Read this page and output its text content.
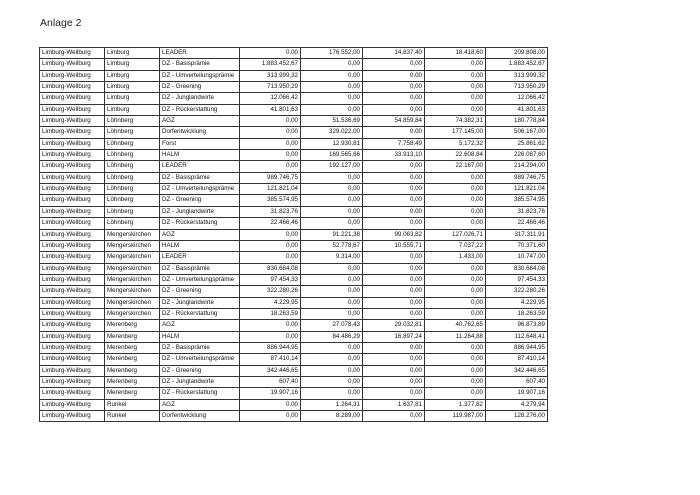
Anlage 2
Limburg-Weilburg	Limburg	LEADER	0,00	176.552,00	14.837,40	18.418,60	209.808,00
Limburg-Weilburg	Limburg	DZ - Basisprämie	1.883.452,67	0,00	0,00	0,00	1.883.452,67
Limburg-Weilburg	Limburg	DZ - Umverteilungsprämie	313.999,32	0,00	0,00	0,00	313.999,32
Limburg-Weilburg	Limburg	DZ - Greening	713.950,29	0,00	0,00	0,00	713.950,29
Limburg-Weilburg	Limburg	DZ - Junglandwirte	12.066,42	0,00	0,00	0,00	12.066,42
Limburg-Weilburg	Limburg	DZ - Rückerstattung	41.801,63	0,00	0,00	0,00	41.801,63
Limburg-Weilburg	Löhnberg	AGZ	0,00	51.536,69	54.859,84	74.382,31	180.778,84
Limburg-Weilburg	Löhnberg	Dorfentwicklung	0,00	329.022,00	0,00	177.145,00	506.167,00
Limburg-Weilburg	Löhnberg	Forst	0,00	12.930,81	7.758,49	5.172,32	25.861,62
Limburg-Weilburg	Löhnberg	HALM	0,00	169.565,66	33.913,10	22.608,84	226.087,60
Limburg-Weilburg	Löhnberg	LEADER	0,00	192.127,00	0,00	22.167,00	214.294,00
Limburg-Weilburg	Löhnberg	DZ - Basisprämie	989.746,75	0,00	0,00	0,00	989.746,75
Limburg-Weilburg	Löhnberg	DZ - Umverteilungsprämie	121.821,04	0,00	0,00	0,00	121.821,04
Limburg-Weilburg	Löhnberg	DZ - Greening	385.574,95	0,00	0,00	0,00	385.574,95
Limburg-Weilburg	Löhnberg	DZ - Junglandwirte	31.823,76	0,00	0,00	0,00	31.823,76
Limburg-Weilburg	Löhnberg	DZ - Rückerstattung	22.466,46	0,00	0,00	0,00	22.466,46
Limburg-Weilburg	Mengerskirchen	AGZ	0,00	91.221,38	99.063,82	127.026,71	317.311,91
Limburg-Weilburg	Mengerskirchen	HALM	0,00	52.778,67	10.555,71	7.037,22	70.371,60
Limburg-Weilburg	Mengerskirchen	LEADER	0,00	9.314,00	0,00	1.433,00	10.747,00
Limburg-Weilburg	Mengerskirchen	DZ - Basisprämie	830.684,08	0,00	0,00	0,00	830.684,08
Limburg-Weilburg	Mengerskirchen	DZ - Umverteilungsprämie	97.454,33	0,00	0,00	0,00	97.454,33
Limburg-Weilburg	Mengerskirchen	DZ - Greening	322.280,26	0,00	0,00	0,00	322.280,26
Limburg-Weilburg	Mengerskirchen	DZ - Junglandwirte	4.229,95	0,00	0,00	0,00	4.229,95
Limburg-Weilburg	Mengerskirchen	DZ - Rückerstattung	18.263,59	0,00	0,00	0,00	18.263,59
Limburg-Weilburg	Merenberg	AGZ	0,00	27.078,43	29.032,81	40.762,65	96.873,89
Limburg-Weilburg	Merenberg	HALM	0,00	84.486,29	16.897,24	11.264,88	112.648,41
Limburg-Weilburg	Merenberg	DZ - Basisprämie	886.944,95	0,00	0,00	0,00	886.944,95
Limburg-Weilburg	Merenberg	DZ - Umverteilungsprämie	87.410,14	0,00	0,00	0,00	87.410,14
Limburg-Weilburg	Merenberg	DZ - Greening	342.446,65	0,00	0,00	0,00	342.446,65
Limburg-Weilburg	Merenberg	DZ - Junglandwirte	607,40	0,00	0,00	0,00	607,40
Limburg-Weilburg	Merenberg	DZ - Rückerstattung	19.907,16	0,00	0,00	0,00	19.907,16
Limburg-Weilburg	Runkel	AGZ	0,00	1.264,31	1.637,81	1.377,82	4.279,94
Limburg-Weilburg	Runkel	Dorfentwicklung	0,00	8.289,00	0,00	119.987,00	128.276,00
